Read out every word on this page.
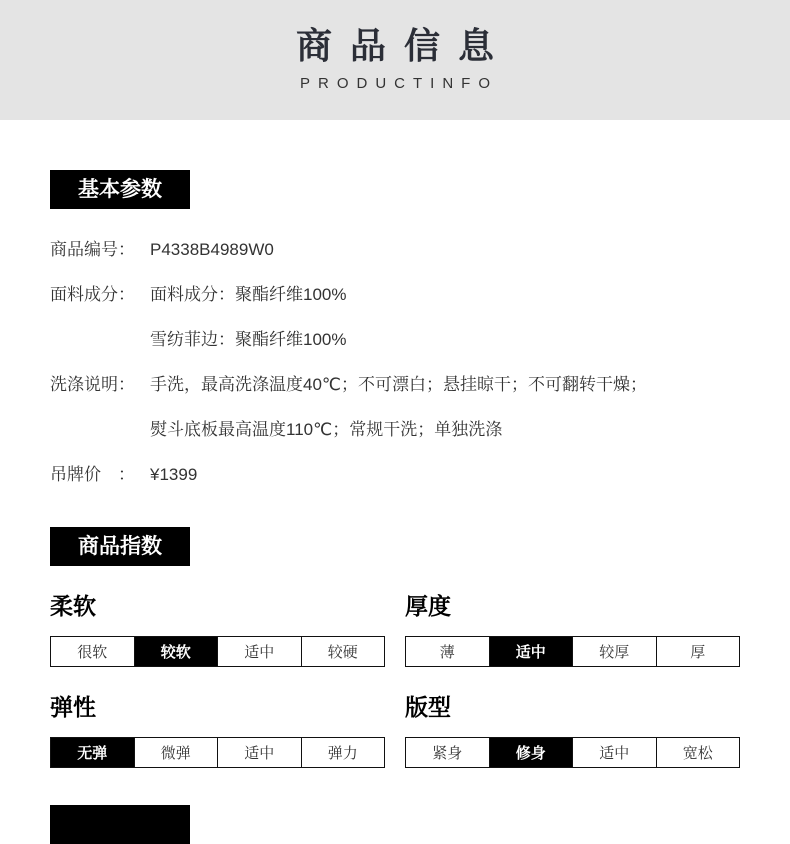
商品信息
PRODUCTINFO
基本参数
商品编号： P4338B4989W0
面料成分： 面料成分：聚酯纤维100%
雪纺菲边：聚酯纤维100%
洗涤说明： 手洗，最高洗涤温度40℃；不可漂白；悬挂晾干；不可翻转干燥；
熨斗底板最高温度110℃；常规干洗；单独洗涤
吊牌价　： ¥1399
商品指数
柔软
很软	较软	适中	较硬
厚度
薄	适中	较厚	厚
弹性
无弹	微弹	适中	弹力
版型
紧身	修身	适中	宽松
